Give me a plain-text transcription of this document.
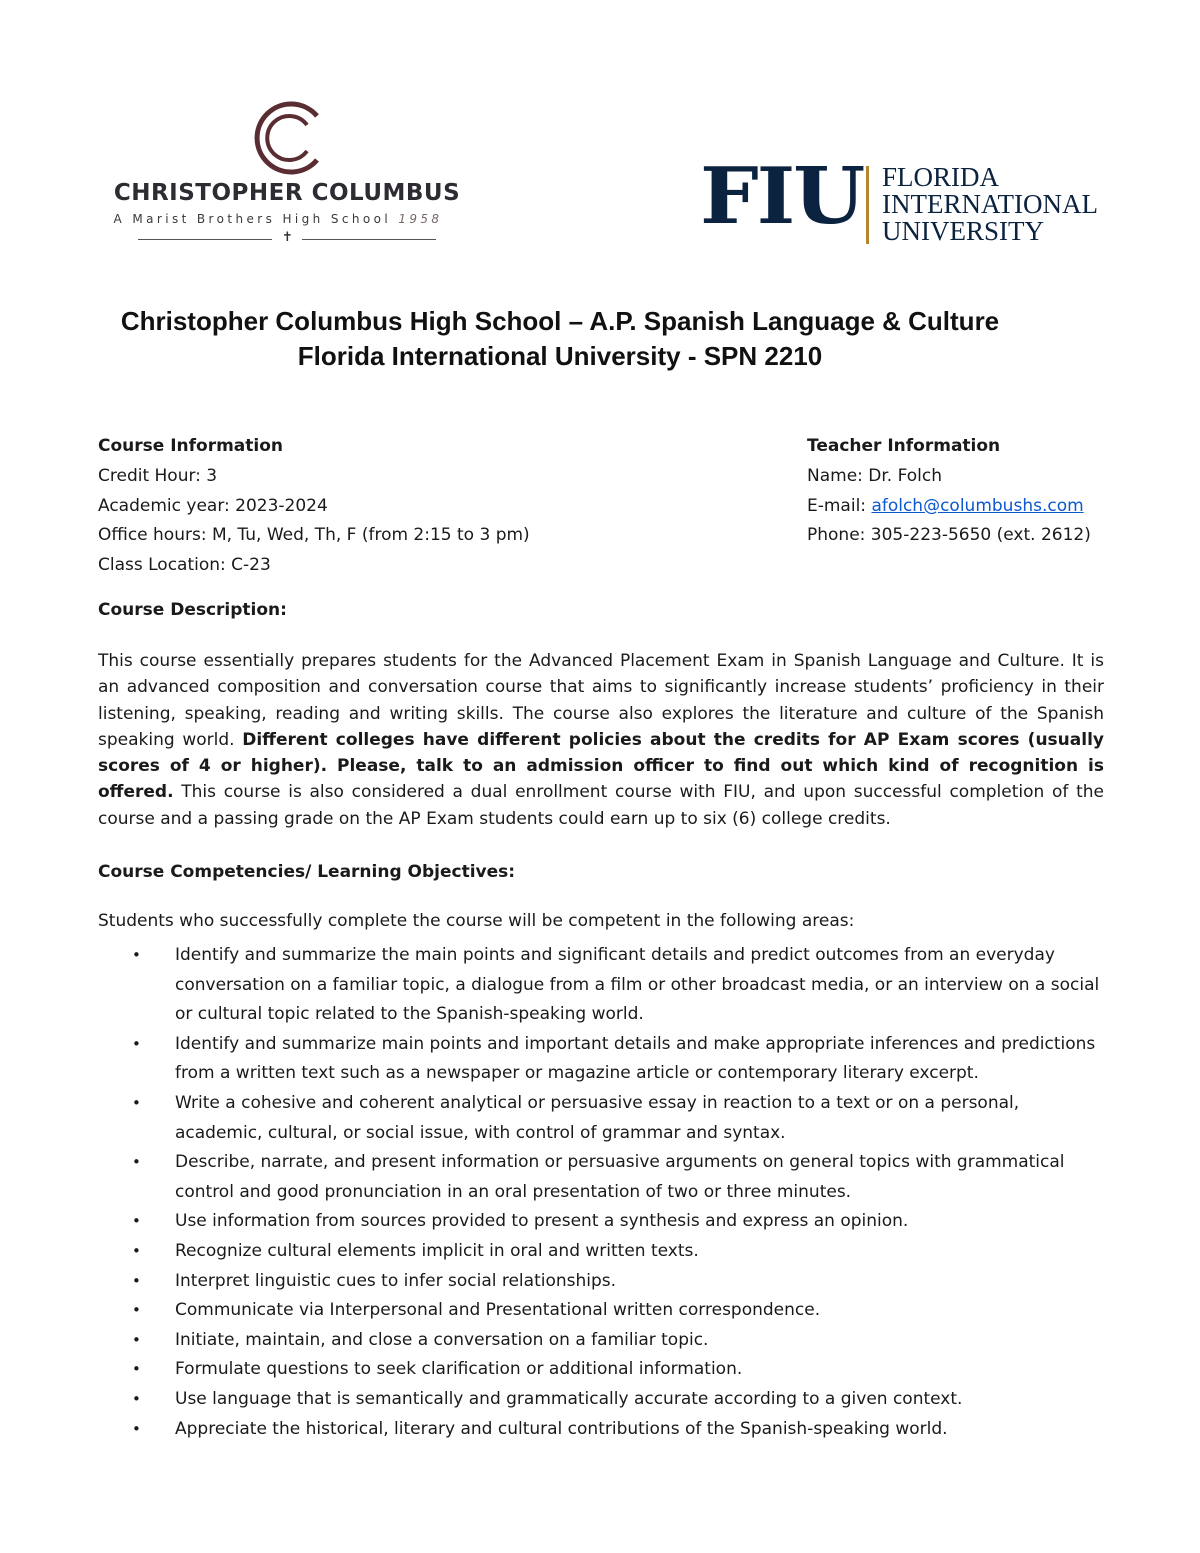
CHRISTOPHER COLUMBUS
A Marist Brothers High School 1958
✝	FIU FLORIDA
INTERNATIONAL
UNIVERSITY
Christopher Columbus High School – A.P. Spanish Language & Culture
Florida International University - SPN 2210
Course Information
Credit Hour: 3
Academic year: 2023-2024
Office hours: M, Tu, Wed, Th, F (from 2:15 to 3 pm)
Class Location: C-23
Teacher Information
Name: Dr. Folch
E-mail: afolch@columbushs.com
Phone: 305-223-5650 (ext. 2612)
Course Description:
This course essentially prepares students for the Advanced Placement Exam in Spanish Language and Culture. It is an advanced composition and conversation course that aims to significantly increase students’ proficiency in their listening, speaking, reading and writing skills. The course also explores the literature and culture of the Spanish speaking world. Different colleges have different policies about the credits for AP Exam scores (usually scores of 4 or higher). Please, talk to an admission officer to find out which kind of recognition is offered. This course is also considered a dual enrollment course with FIU, and upon successful completion of the course and a passing grade on the AP Exam students could earn up to six (6) college credits.
Course Competencies/ Learning Objectives:
Students who successfully complete the course will be competent in the following areas:
• Identify and summarize the main points and significant details and predict outcomes from an everyday conversation on a familiar topic, a dialogue from a film or other broadcast media, or an interview on a social or cultural topic related to the Spanish-speaking world.
• Identify and summarize main points and important details and make appropriate inferences and predictions from a written text such as a newspaper or magazine article or contemporary literary excerpt.
• Write a cohesive and coherent analytical or persuasive essay in reaction to a text or on a personal, academic, cultural, or social issue, with control of grammar and syntax.
• Describe, narrate, and present information or persuasive arguments on general topics with grammatical control and good pronunciation in an oral presentation of two or three minutes.
• Use information from sources provided to present a synthesis and express an opinion.
• Recognize cultural elements implicit in oral and written texts.
• Interpret linguistic cues to infer social relationships.
• Communicate via Interpersonal and Presentational written correspondence.
• Initiate, maintain, and close a conversation on a familiar topic.
• Formulate questions to seek clarification or additional information.
• Use language that is semantically and grammatically accurate according to a given context.
• Appreciate the historical, literary and cultural contributions of the Spanish-speaking world.
